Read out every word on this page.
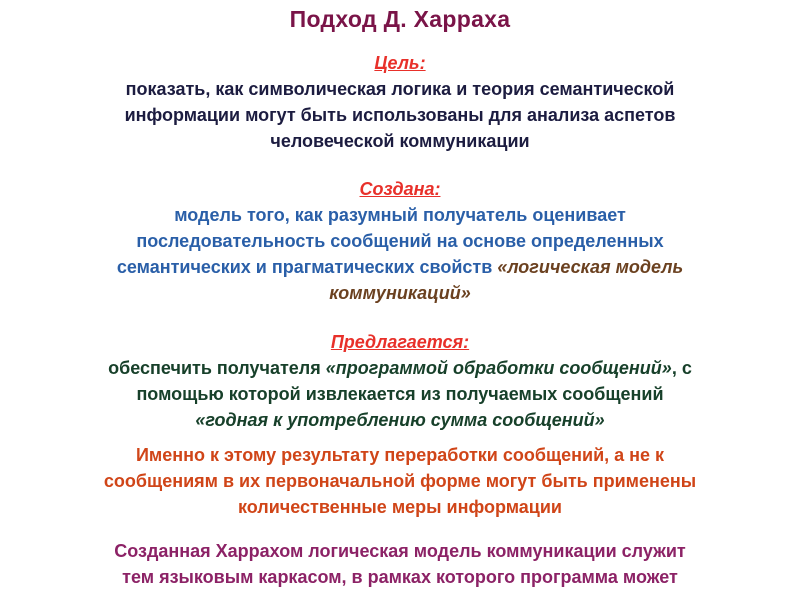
Подход Д. Харраха
Цель:
показать, как символическая логика и теория семантической
информации могут быть использованы для анализа аспетов
человеческой коммуникации
Создана:
модель того, как разумный получатель оценивает
последовательность сообщений на основе определенных
семантических и прагматических свойств «логическая модель
коммуникаций»
Предлагается:
обеспечить получателя «программой обработки сообщений», с
помощью которой извлекается из получаемых сообщений
«годная к употреблению сумма сообщений»
Именно к этому результату переработки сообщений, а не к
сообщениям в их первоначальной форме могут быть применены
количественные меры информации
Созданная Харрахом логическая модель коммуникации служит
тем языковым каркасом, в рамках которого программа может
